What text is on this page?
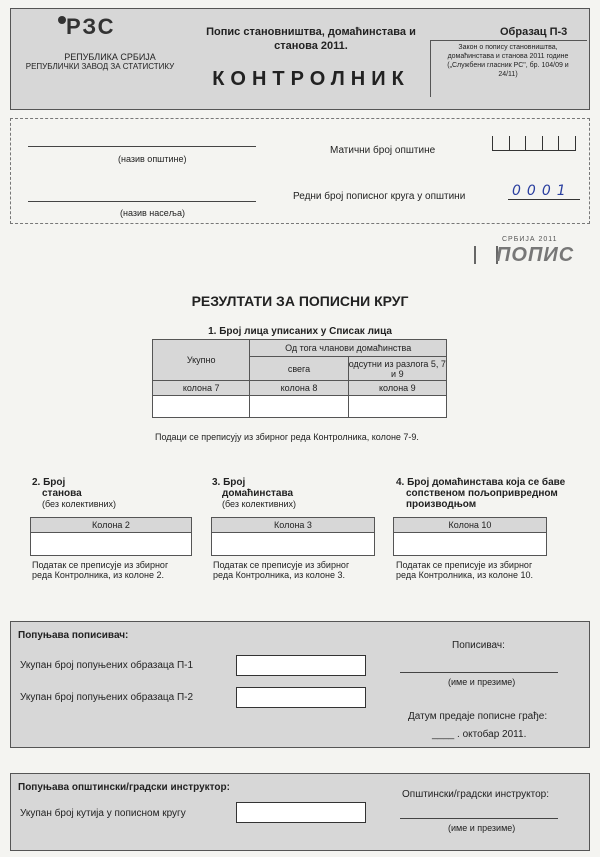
РЗС
РЕПУБЛИКА СРБИЈА
РЕПУБЛИЧКИ ЗАВОД ЗА СТАТИСТИКУ
Попис становништва, домаћинстава и
станова 2011.
КОНТРОЛНИК
Образац П-3
Закон о попису становништва,
домаћинстава и станова 2011 године
(„Службени гласник РС", бр. 104/09 и
24/11)
(назив општине)
(назив насеља)
Матични број општине
Редни број пописног круга у општини	0001
СРБИЈА 2011
ПОПИС
РЕЗУЛТАТИ ЗА ПОПИСНИ КРУГ
1. Број лица уписаних у Списак лица
Укупно	Од тога чланови домаћинства	
	свега	одсутни из разлога 5, 7 и 9
колона 7	колона 8	колона 9

Подаци се преписују из збирног реда Контролника, колоне 7-9.
2. Број
станова
(без колективних)
Колона 2
Податак се преписује из збирног
реда Контролника, из колоне 2.
3. Број
домаћинстава
(без колективних)
Колона 3
Податак се преписује из збирног
реда Контролника, из колоне 3.
4. Број домаћинстава која се баве
сопственом пољопривредном
производњом
Колона 10
Податак се преписује из збирног
реда Контролника, из колоне 10.
Попуњава пописивач:
Укупан број попуњених образаца П-1
Укупан број попуњених образаца П-2
Пописивач:
(име и презиме)
Датум предаје пописне грађе:
____ . октобар 2011.
Попуњава општински/градски инструктор:
Укупан број кутија у пописном кругу
Општински/градски инструктор:
(име и презиме)
